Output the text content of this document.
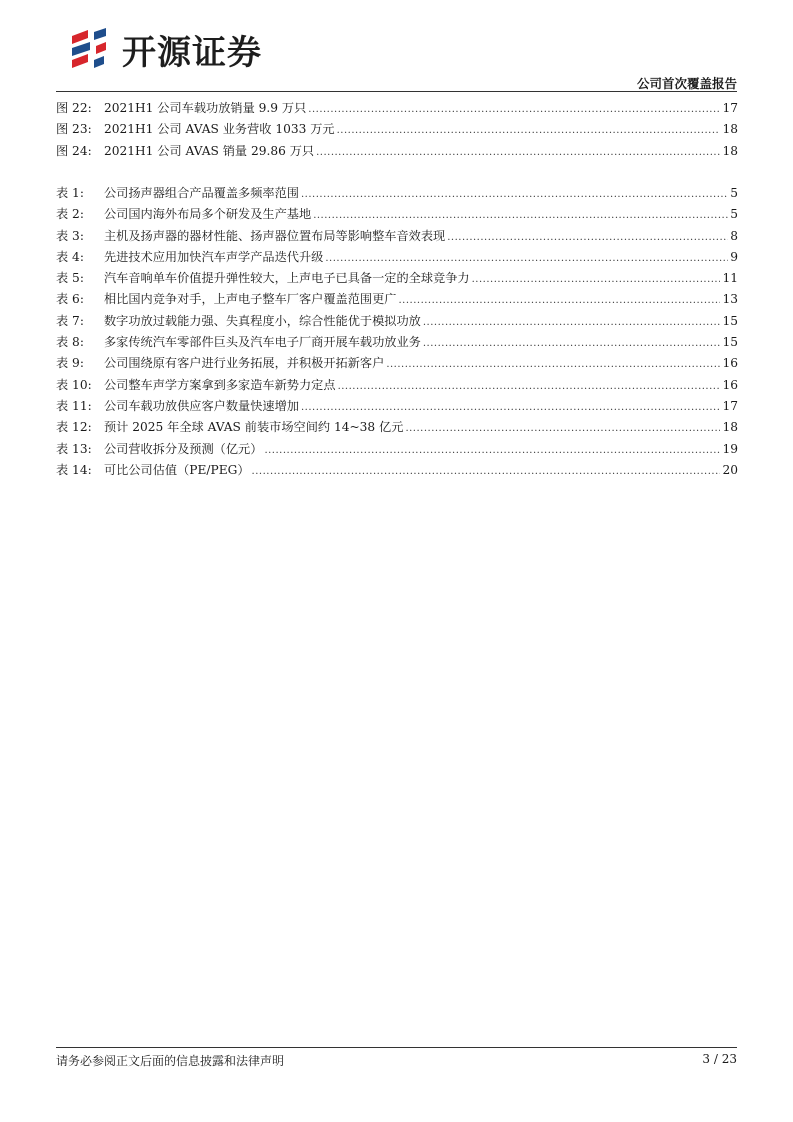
开源证券
公司首次覆盖报告
图 22:	2021H1 公司车载功放销量 9.9 万只 .....	17
图 23:	2021H1 公司 AVAS 业务营收 1033 万元 .....	18
图 24:	2021H1 公司 AVAS 销量 29.86 万只 .....	18
表 1:	公司扬声器组合产品覆盖多频率范围 .....	5
表 2:	公司国内海外布局多个研发及生产基地 .....	5
表 3:	主机及扬声器的器材性能、扬声器位置布局等影响整车音效表现 .....	8
表 4:	先进技术应用加快汽车声学产品迭代升级 .....	9
表 5:	汽车音响单车价值提升弹性较大，上声电子已具备一定的全球竞争力 .....	11
表 6:	相比国内竞争对手，上声电子整车厂客户覆盖范围更广 .....	13
表 7:	数字功放过载能力强、失真程度小，综合性能优于模拟功放 .....	15
表 8:	多家传统汽车零部件巨头及汽车电子厂商开展车载功放业务 .....	15
表 9:	公司围绕原有客户进行业务拓展，并积极开拓新客户 .....	16
表 10:	公司整车声学方案拿到多家造车新势力定点 .....	16
表 11:	公司车载功放供应客户数量快速增加 .....	17
表 12:	预计 2025 年全球 AVAS 前装市场空间约 14~38 亿元 .....	18
表 13:	公司营收拆分及预测（亿元） .....	19
表 14:	可比公司估值（PE/PEG） .....	20
请务必参阅正文后面的信息披露和法律声明	3 / 23
